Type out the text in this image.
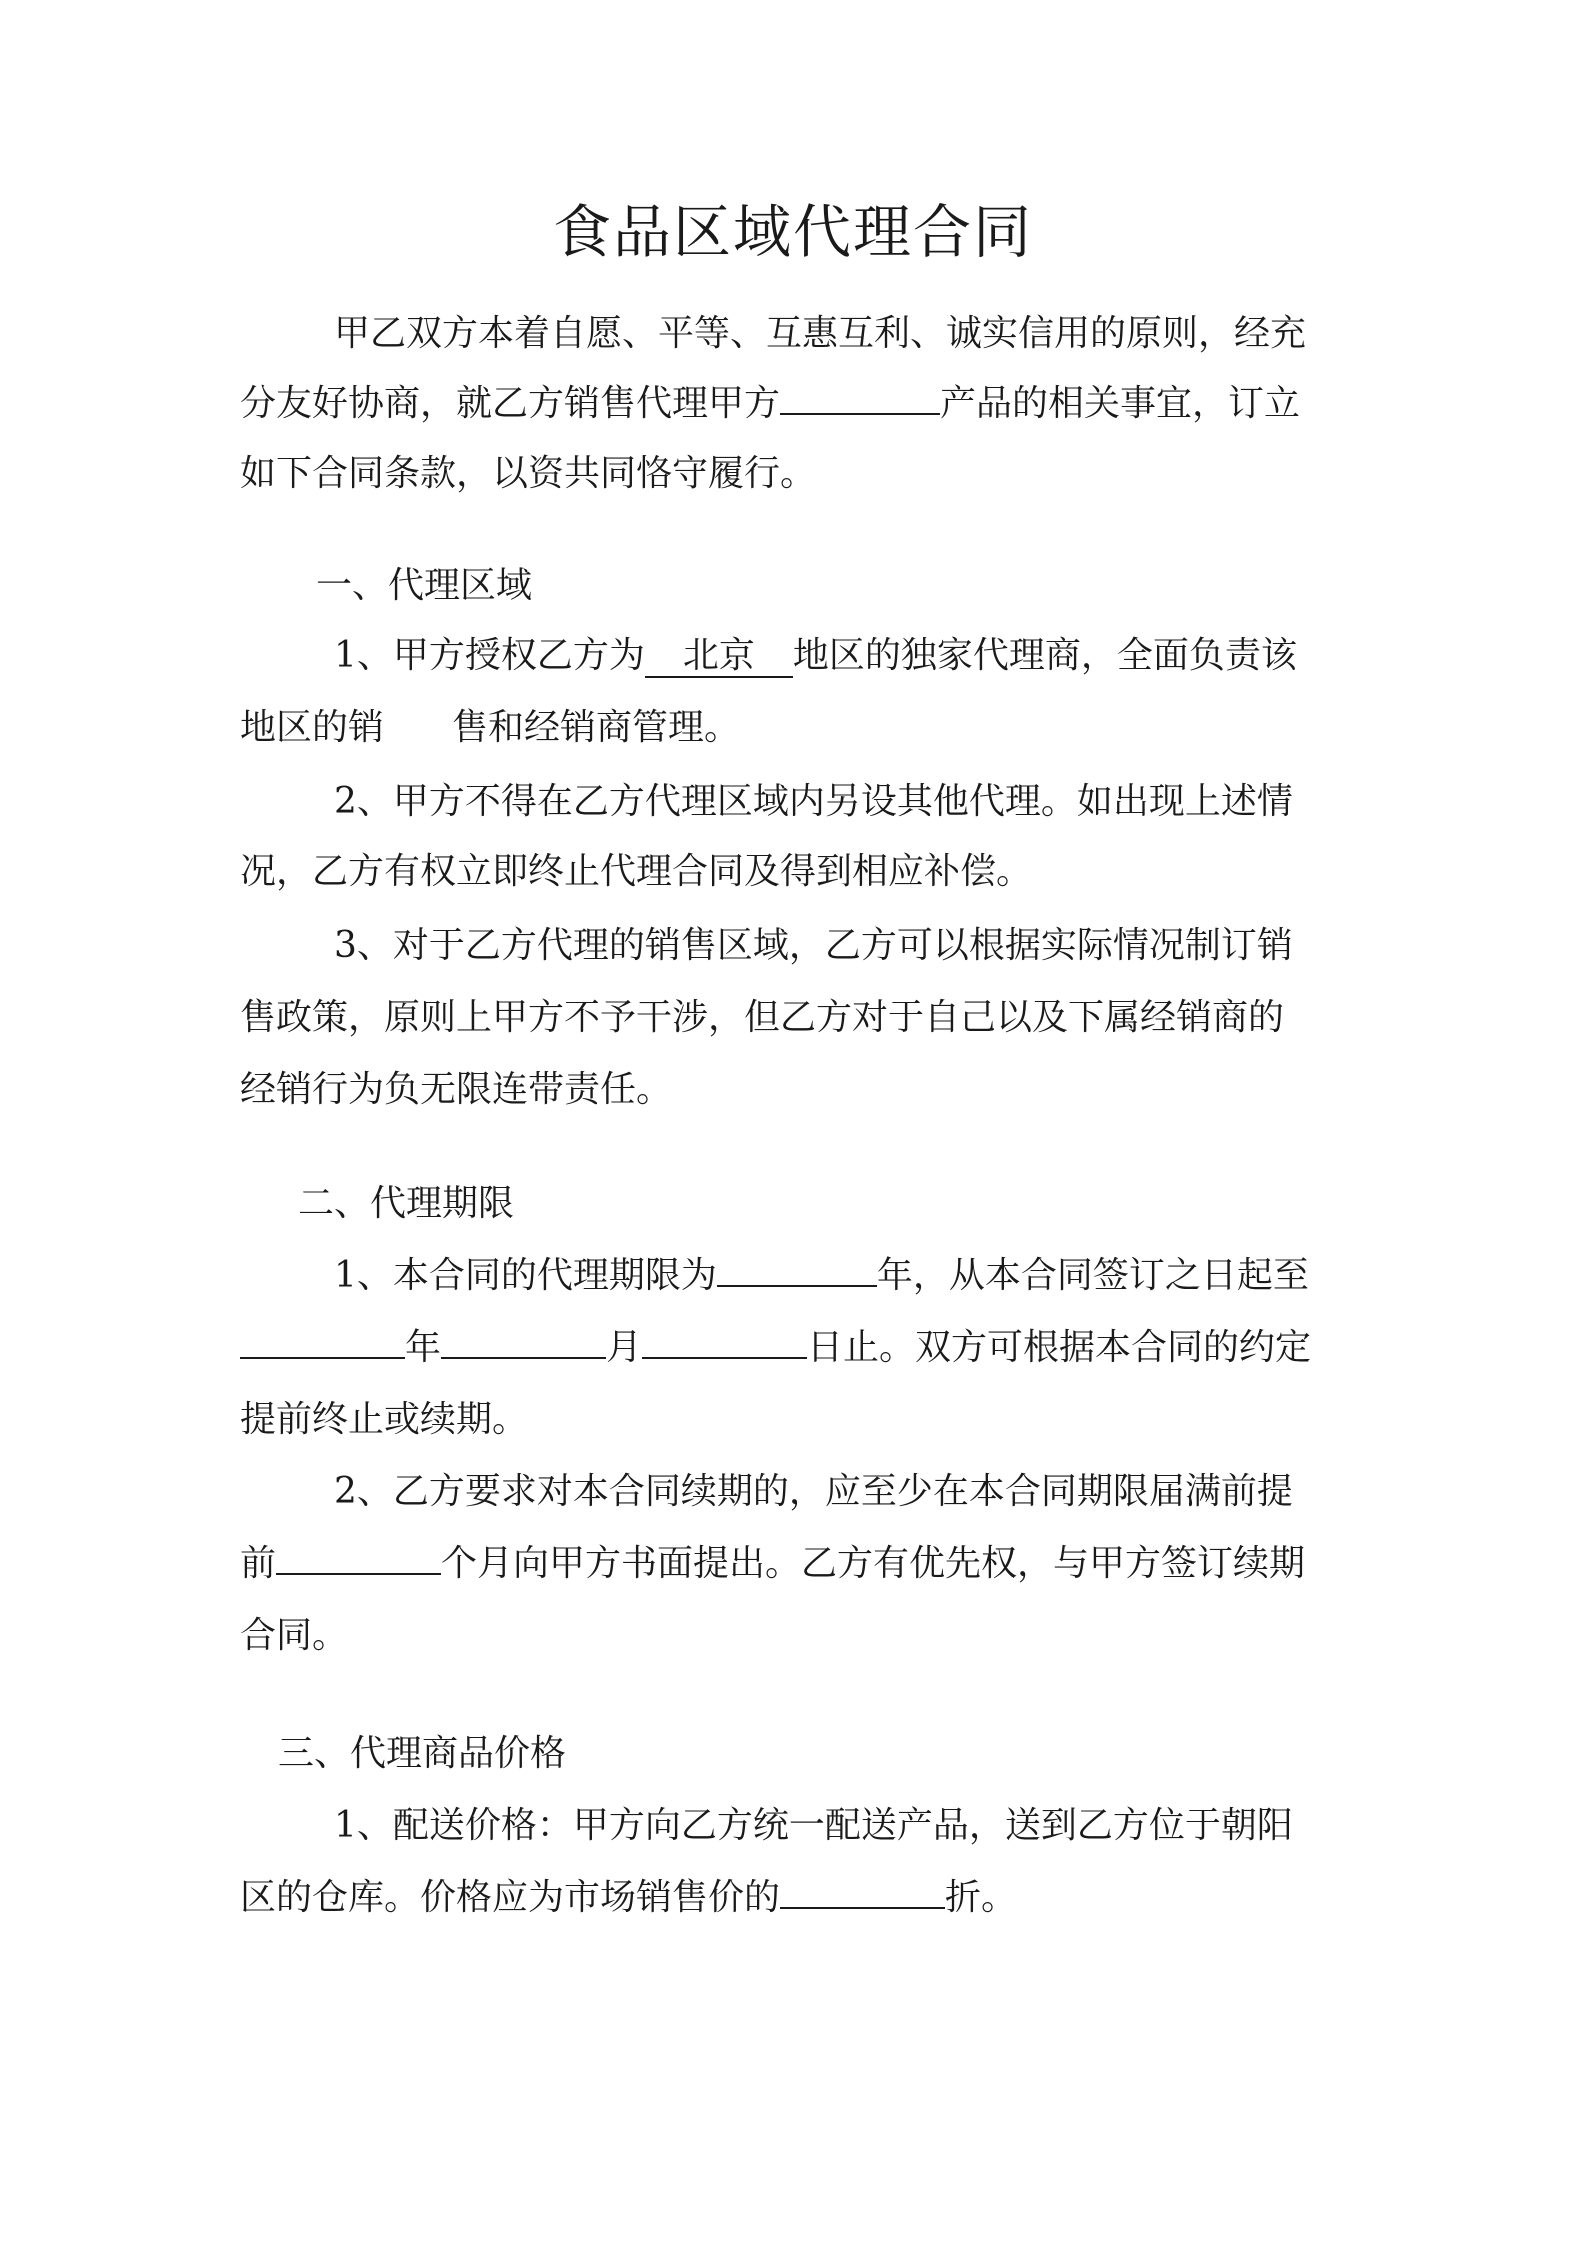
食品区域代理合同
甲乙双方本着自愿、平等、互惠互利、诚实信用的原则，经充
分友好协商，就乙方销售代理甲方	产品的相关事宜，订立
如下合同条款，以资共同恪守履行。
一、代理区域
1、甲方授权乙方为 北京 地区的独家代理商，全面负责该
地区的销 售和经销商管理。
2、甲方不得在乙方代理区域内另设其他代理。如出现上述情
况，乙方有权立即终止代理合同及得到相应补偿。
3、对于乙方代理的销售区域，乙方可以根据实际情况制订销
售政策，原则上甲方不予干涉，但乙方对于自己以及下属经销商的
经销行为负无限连带责任。
二、代理期限
1、本合同的代理期限为	年，从本合同签订之日起至
年	月	日止。双方可根据本合同的约定
提前终止或续期。
2、乙方要求对本合同续期的，应至少在本合同期限届满前提
前	个月向甲方书面提出。乙方有优先权，与甲方签订续期
合同。
三、代理商品价格
1、配送价格：甲方向乙方统一配送产品，送到乙方位于朝阳
区的仓库。价格应为市场销售价的	折。
